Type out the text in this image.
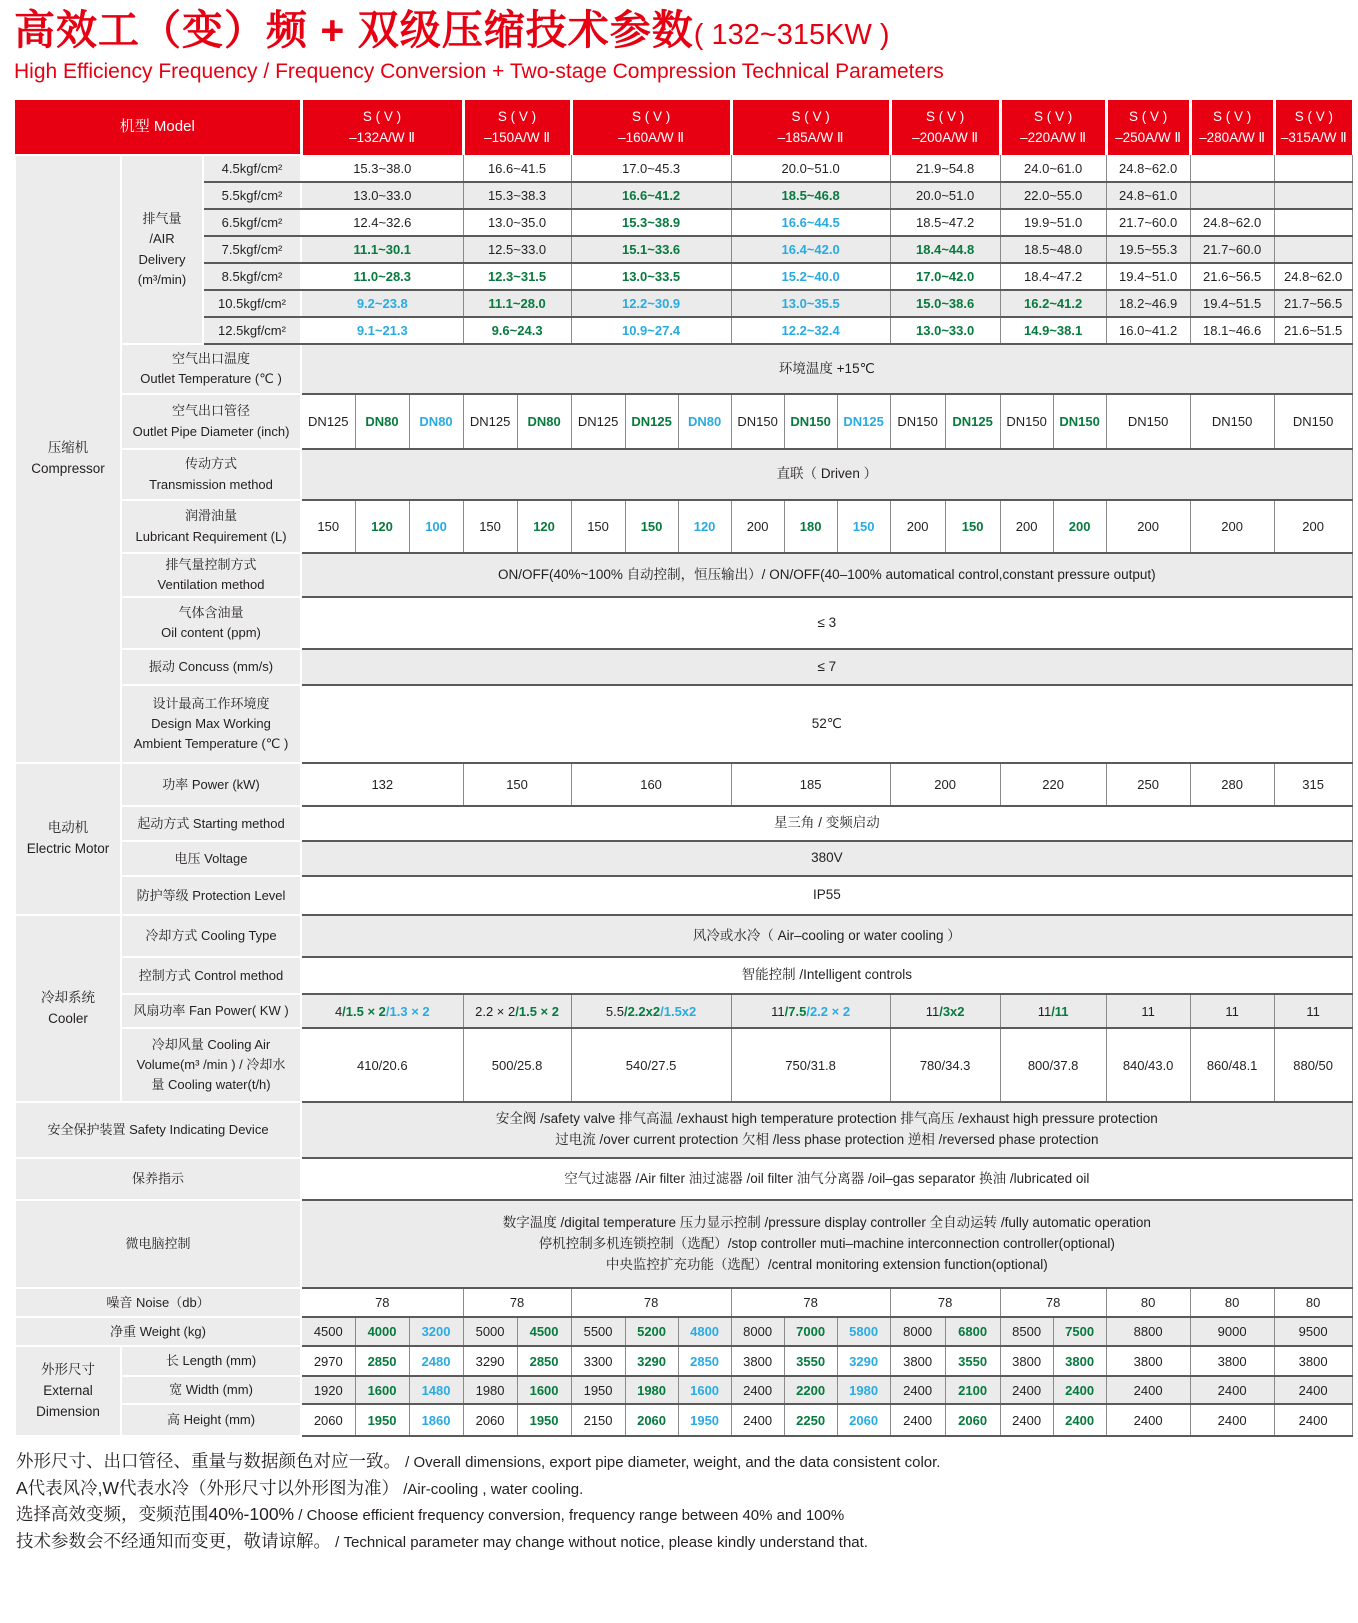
高效工（变）频 + 双级压缩技术参数( 132~315KW )
High Efficiency Frequency / Frequency Conversion + Two-stage Compression Technical Parameters
机型 Model	
S ( V )
–132A/W Ⅱ

S ( V )
–150A/W Ⅱ

S ( V )
–160A/W Ⅱ

S ( V )
–185A/W Ⅱ

S ( V )
–200A/W Ⅱ

S ( V )
–220A/W Ⅱ

S ( V )
–250A/W Ⅱ

S ( V )
–280A/W Ⅱ

S ( V )
–315A/W Ⅱ

压缩机
Compressor

排气量
/AIR
Delivery
(m³/min)

4.5kgf/cm²	15.3~38.0	16.6~41.5	17.0~45.3	20.0~51.0	21.9~54.8	24.0~61.0	24.8~62.0		

		5.5kgf/cm²	13.0~33.0			15.3~38.3		16.6~41.2			18.5~46.8			20.0~51.0		22.0~55.0		24.8~61.0		

		6.5kgf/cm²	12.4~32.6			13.0~35.0		15.3~38.9			16.6~44.5			18.5~47.2		19.9~51.0		21.7~60.0	24.8~62.0	

		7.5kgf/cm²	11.1~30.1			12.5~33.0		15.1~33.6			16.4~42.0			18.4~44.8		18.5~48.0		19.5~55.3	21.7~60.0	

		8.5kgf/cm²	11.0~28.3			12.3~31.5		13.0~33.5			15.2~40.0			17.0~42.0		18.4~47.2		19.4~51.0	21.6~56.5	24.8~62.0

		10.5kgf/cm²	9.2~23.8			11.1~28.0		12.2~30.9			13.0~35.5			15.0~38.6		16.2~41.2		18.2~46.9	19.4~51.5	21.7~56.5

		12.5kgf/cm²	9.1~21.3			9.6~24.3		10.9~27.4			12.2~32.4			13.0~33.0		14.9~38.1		16.0~41.2	18.1~46.6	21.6~51.5

	空气出口温度
Outlet Temperature (℃ )		环境温度 +15℃																	

	空气出口管径
Outlet Pipe Diameter (inch)		DN125	DN80	DN80	DN125	DN80	DN125	DN125	DN80	DN150	DN150	DN125	DN150	DN125	DN150	DN150	DN150	DN150	DN150

	传动方式
Transmission method		直联（ Driven ）																	

	润滑油量
Lubricant Requirement (L)		150	120	100	150	120	150	150	120	200	180	150	200	150	200	200	200	200	200

	排气量控制方式
Ventilation method		ON/OFF(40%~100% 自动控制，恒压输出）/ ON/OFF(40–100% automatical control,constant pressure output)																	

	气体含油量
Oil content (ppm)		≤ 3																	

	振动 Concuss (mm/s)		≤ 7																	

	设计最高工作环境度
Design Max Working
Ambient Temperature (℃ )		52℃																	

电动机
Electric Motor	功率 Power (kW)		132			150		160			185			200		220		250	280	315

	起动方式 Starting method		星三角 / 变频启动																	

	电压 Voltage		380V																	

	防护等级 Protection Level		IP55																	

冷却系统
Cooler	冷却方式 Cooling Type		风冷或水冷（ Air–cooling or water cooling ）																	

	控制方式 Control method		智能控制 /Intelligent controls																	

	风扇功率 Fan Power( KW )		4/1.5 × 2/1.3 × 2			2.2 × 2/1.5 × 2		5.5/2.2x2/1.5x2			11/7.5/2.2 × 2			11/3x2		11/11		11	11	11

	冷却风量 Cooling Air
Volume(m³ /min ) / 冷却水
量 Cooling water(t/h)		410/20.6			500/25.8		540/27.5			750/31.8			780/34.3		800/37.8		840/43.0	860/48.1	880/50

安全保护装置 Safety Indicating Device			安全阀 /safety valve 排气高温 /exhaust high temperature protection 排气高压 /exhaust high pressure protection
过电流 /over current protection 欠相 /less phase protection 逆相 /reversed phase protection																	

保养指示			空气过滤器 /Air filter 油过滤器 /oil filter 油气分离器 /oil–gas separator 换油 /lubricated oil																	

微电脑控制			数字温度 /digital temperature 压力显示控制 /pressure display controller 全自动运转 /fully automatic operation
停机控制多机连锁控制（选配）/stop controller muti–machine interconnection controller(optional)
中央监控扩充功能（选配）/central monitoring extension function(optional)																	

噪音 Noise（db）			78			78		78			78			78		78		80	80	80

净重 Weight (kg)			4500	4000	3200	5000	4500	5500	5200	4800	8000	7000	5800	8000	6800	8500	7500	8800	9000	9500

外形尺寸
External
Dimension	长 Length (mm)		2970	2850	2480	3290	2850	3300	3290	2850	3800	3550	3290	3800	3550	3800	3800	3800	3800	3800

	宽 Width (mm)		1920	1600	1480	1980	1600	1950	1980	1600	2400	2200	1980	2400	2100	2400	2400	2400	2400	2400

	高 Height (mm)		2060	1950	1860	2060	1950	2150	2060	1950	2400	2250	2060	2400	2060	2400	2400	2400	2400	2400
外形尺寸、出口管径、重量与数据颜色对应一致。 / Overall dimensions, export pipe diameter, weight, and the data consistent color.
A代表风冷,W代表水冷（外形尺寸以外形图为准） /Air-cooling , water cooling.
选择高效变频，变频范围40%-100% / Choose efficient frequency conversion, frequency range between 40% and 100%
技术参数会不经通知而变更，敬请谅解。 / Technical parameter may change without notice, please kindly understand that.
